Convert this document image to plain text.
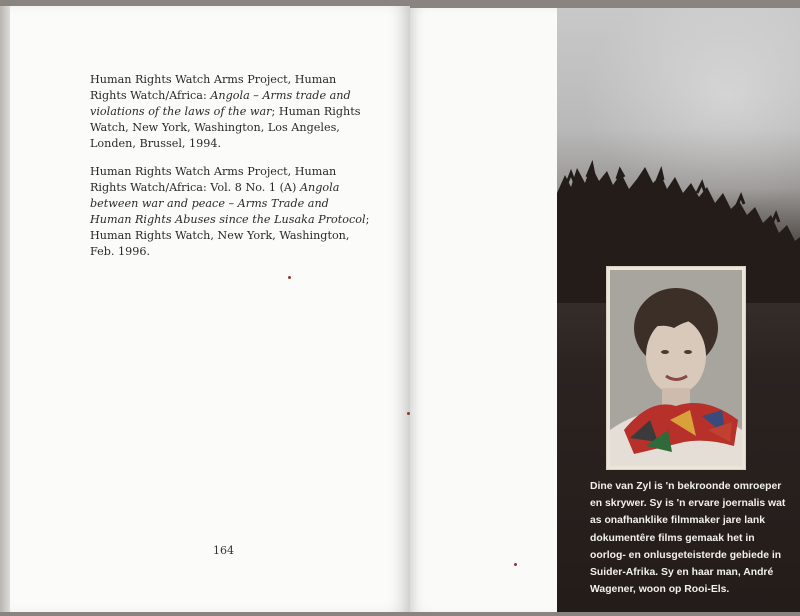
Human Rights Watch Arms Project, Human Rights Watch/Africa: Angola – Arms trade and violations of the laws of the war; Human Rights Watch, New York, Washington, Los Angeles, Londen, Brussel, 1994.

Human Rights Watch Arms Project, Human Rights Watch/Africa: Vol. 8 No. 1 (A) Angola between war and peace – Arms Trade and Human Rights Abuses since the Lusaka Protocol; Human Rights Watch, New York, Washington, Feb. 1996.

164
Dine van Zyl is 'n bekroonde omroeper
en skrywer. Sy is 'n ervare joernalis wat
as onafhanklike filmmaker jare lank
dokumentêre films gemaak het in
oorlog- en onlusgeteisterde gebiede in
Suider-Afrika. Sy en haar man, André
Wagener, woon op Rooi-Els.
